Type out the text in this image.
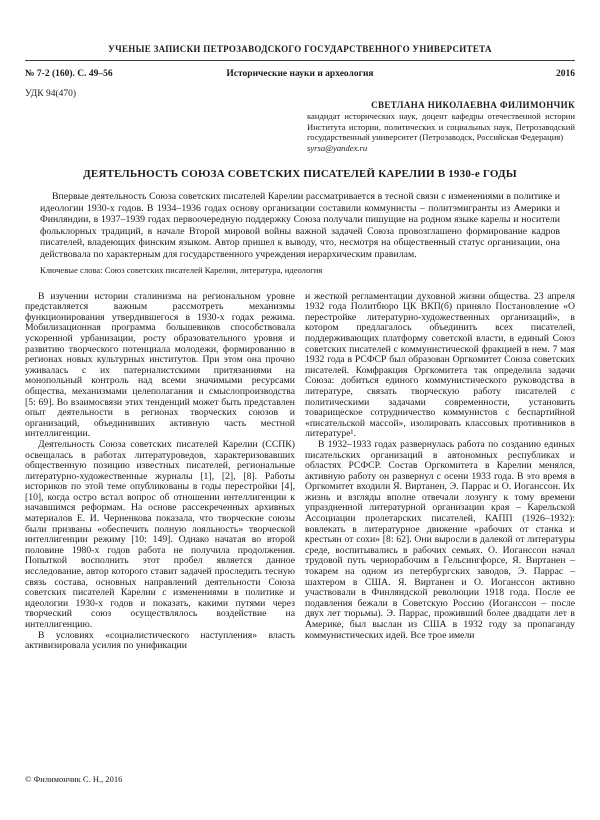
УЧЕНЫЕ ЗАПИСКИ ПЕТРОЗАВОДСКОГО ГОСУДАРСТВЕННОГО УНИВЕРСИТЕТА
№ 7-2 (160). С. 49–56	Исторические науки и археология	2016
УДК 94(470)
СВЕТЛАНА НИКОЛАЕВНА ФИЛИМОНЧИК
кандидат исторических наук, доцент кафедры отечественной истории Института истории, политических и социальных наук, Петрозаводский государственный университет (Петрозаводск, Российская Федерация)
syrsa@yandex.ru
ДЕЯТЕЛЬНОСТЬ СОЮЗА СОВЕТСКИХ ПИСАТЕЛЕЙ КАРЕЛИИ В 1930-е ГОДЫ
Впервые деятельность Союза советских писателей Карелии рассматривается в тесной связи с изменениями в политике и идеологии 1930-х годов. В 1934–1936 годах основу организации составили коммунисты – политэмигранты из Америки и Финляндии, в 1937–1939 годах первоочередную поддержку Союза получали пишущие на родном языке карелы и носители фольклорных традиций, в начале Второй мировой войны важной задачей Союза провозглашено формирование кадров писателей, владеющих финским языком. Автор пришел к выводу, что, несмотря на общественный статус организации, она действовала по характерным для государственного учреждения иерархическим правилам.
Ключевые слова: Союз советских писателей Карелии, литература, идеология

В изучении истории сталинизма на региональном уровне представляется важным рассмотреть механизмы функционирования утвердившегося в 1930-х годах режима. Мобилизационная программа большевиков способствовала ускоренной урбанизации, росту образовательного уровня и развитию творческого потенциала молодежи, формированию в регионах новых культурных институтов. При этом она прочно уживалась с их патерналистскими притязаниями на монопольный контроль над всеми значимыми ресурсами общества, механизмами целеполагания и смыслопроизводства [5: 69]. Во взаимосвязи этих тенденций может быть представлен опыт деятельности в регионах творческих союзов и организаций, объединивших активную часть местной интеллигенции.

Деятельность Союза советских писателей Карелии (ССПК) освещалась в работах литературоведов, характеризовавших общественную позицию известных писателей, региональные литературно-художественные журналы [1], [2], [8]. Работы историков по этой теме опубликованы в годы перестройки [4], [10], когда остро встал вопрос об отношении интеллигенции к начавшимся реформам. На основе рассекреченных архивных материалов Е. И. Черненкова показала, что творческие союзы были призваны «обеспечить полную лояльность» творческой интеллигенции режиму [10: 149]. Однако начатая во второй половине 1980-х годов работа не получила продолжения. Попыткой восполнить этот пробел является данное исследование, автор которого ставит задачей проследить тесную связь состава, основных направлений деятельности Союза советских писателей Карелии с изменениями в политике и идеологии 1930-х годов и показать, какими путями через творческий союз осуществлялось воздействие на интеллигенцию.

В условиях «социалистического наступления» власть активизировала усилия по унификации

и жесткой регламентации духовной жизни общества. 23 апреля 1932 года Политбюро ЦК ВКП(б) приняло Постановление «О перестройке литературно-художественных организаций», в котором предлагалось объединить всех писателей, поддерживающих платформу советской власти, в единый Союз советских писателей с коммунистической фракцией в нем. 7 мая 1932 года в РСФСР был образован Оргкомитет Союза советских писателей. Комфракция Оргкомитета так определила задачи Союза: добиться единого коммунистического руководства в литературе, связать творческую работу писателей с политическими задачами современности, установить товарищеское сотрудничество коммунистов с беспартийной «писательской массой», изолировать классовых противников в литературе¹.

В 1932–1933 годах развернулась работа по созданию единых писательских организаций в автономных республиках и областях РСФСР. Состав Оргкомитета в Карелии менялся, активную работу он развернул с осени 1933 года. В это время в Оргкомитет входили Я. Виртанен, Э. Паррас и О. Иоганссон. Их жизнь и взгляды вполне отвечали лозунгу к тому времени упраздненной литературной организации края – Карельской Ассоциации пролетарских писателей, КАПП (1926–1932): вовлекать в литературное движение «рабочих от станка и крестьян от сохи» [8: 62]. Они выросли в далекой от литературы среде, воспитывались в рабочих семьях. О. Иоганссон начал трудовой путь чернорабочим в Гельсингфорсе, Я. Виртанен – токарем на одном из петербургских заводов, Э. Паррас – шахтером в США. Я. Виртанен и О. Иоганссон активно участвовали в Финляндской революции 1918 года. После ее подавления бежали в Советскую Россию (Иоганссон – после двух лет тюрьмы). Э. Паррас, проживший более двадцати лет в Америке, был выслан из США в 1932 году за пропаганду коммунистических идей. Все трое имели

© Филимончик С. Н., 2016
